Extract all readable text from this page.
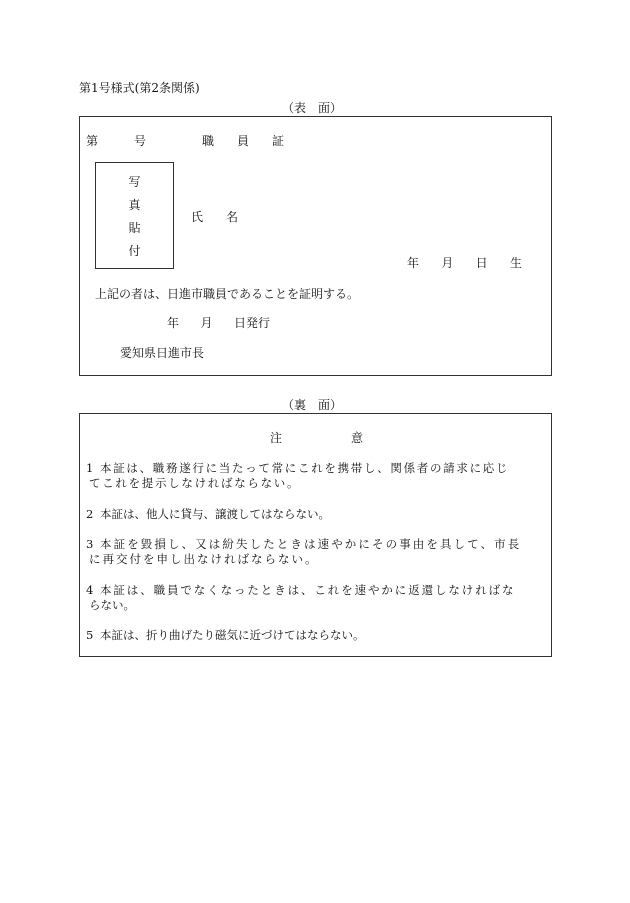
第1号様式(第2条関係)
（表　面）
第	号	職 員 証
写
真
貼
付
氏 名
年 月 日 生
上記の者は、日進市職員であることを証明する。
年 月 日発行
愛知県日進市長
（裏　面）
注	意
1 本証は、職務遂行に当たって常にこれを携帯し、関係者の請求に応じ
てこれを提示しなければならない。
2 本証は、他人に貸与、譲渡してはならない。
3 本証を毀損し、又は紛失したときは速やかにその事由を具して、市長
に再交付を申し出なければならない。
4 本証は、職員でなくなったときは、これを速やかに返還しなければな
らない。
5 本証は、折り曲げたり磁気に近づけてはならない。
